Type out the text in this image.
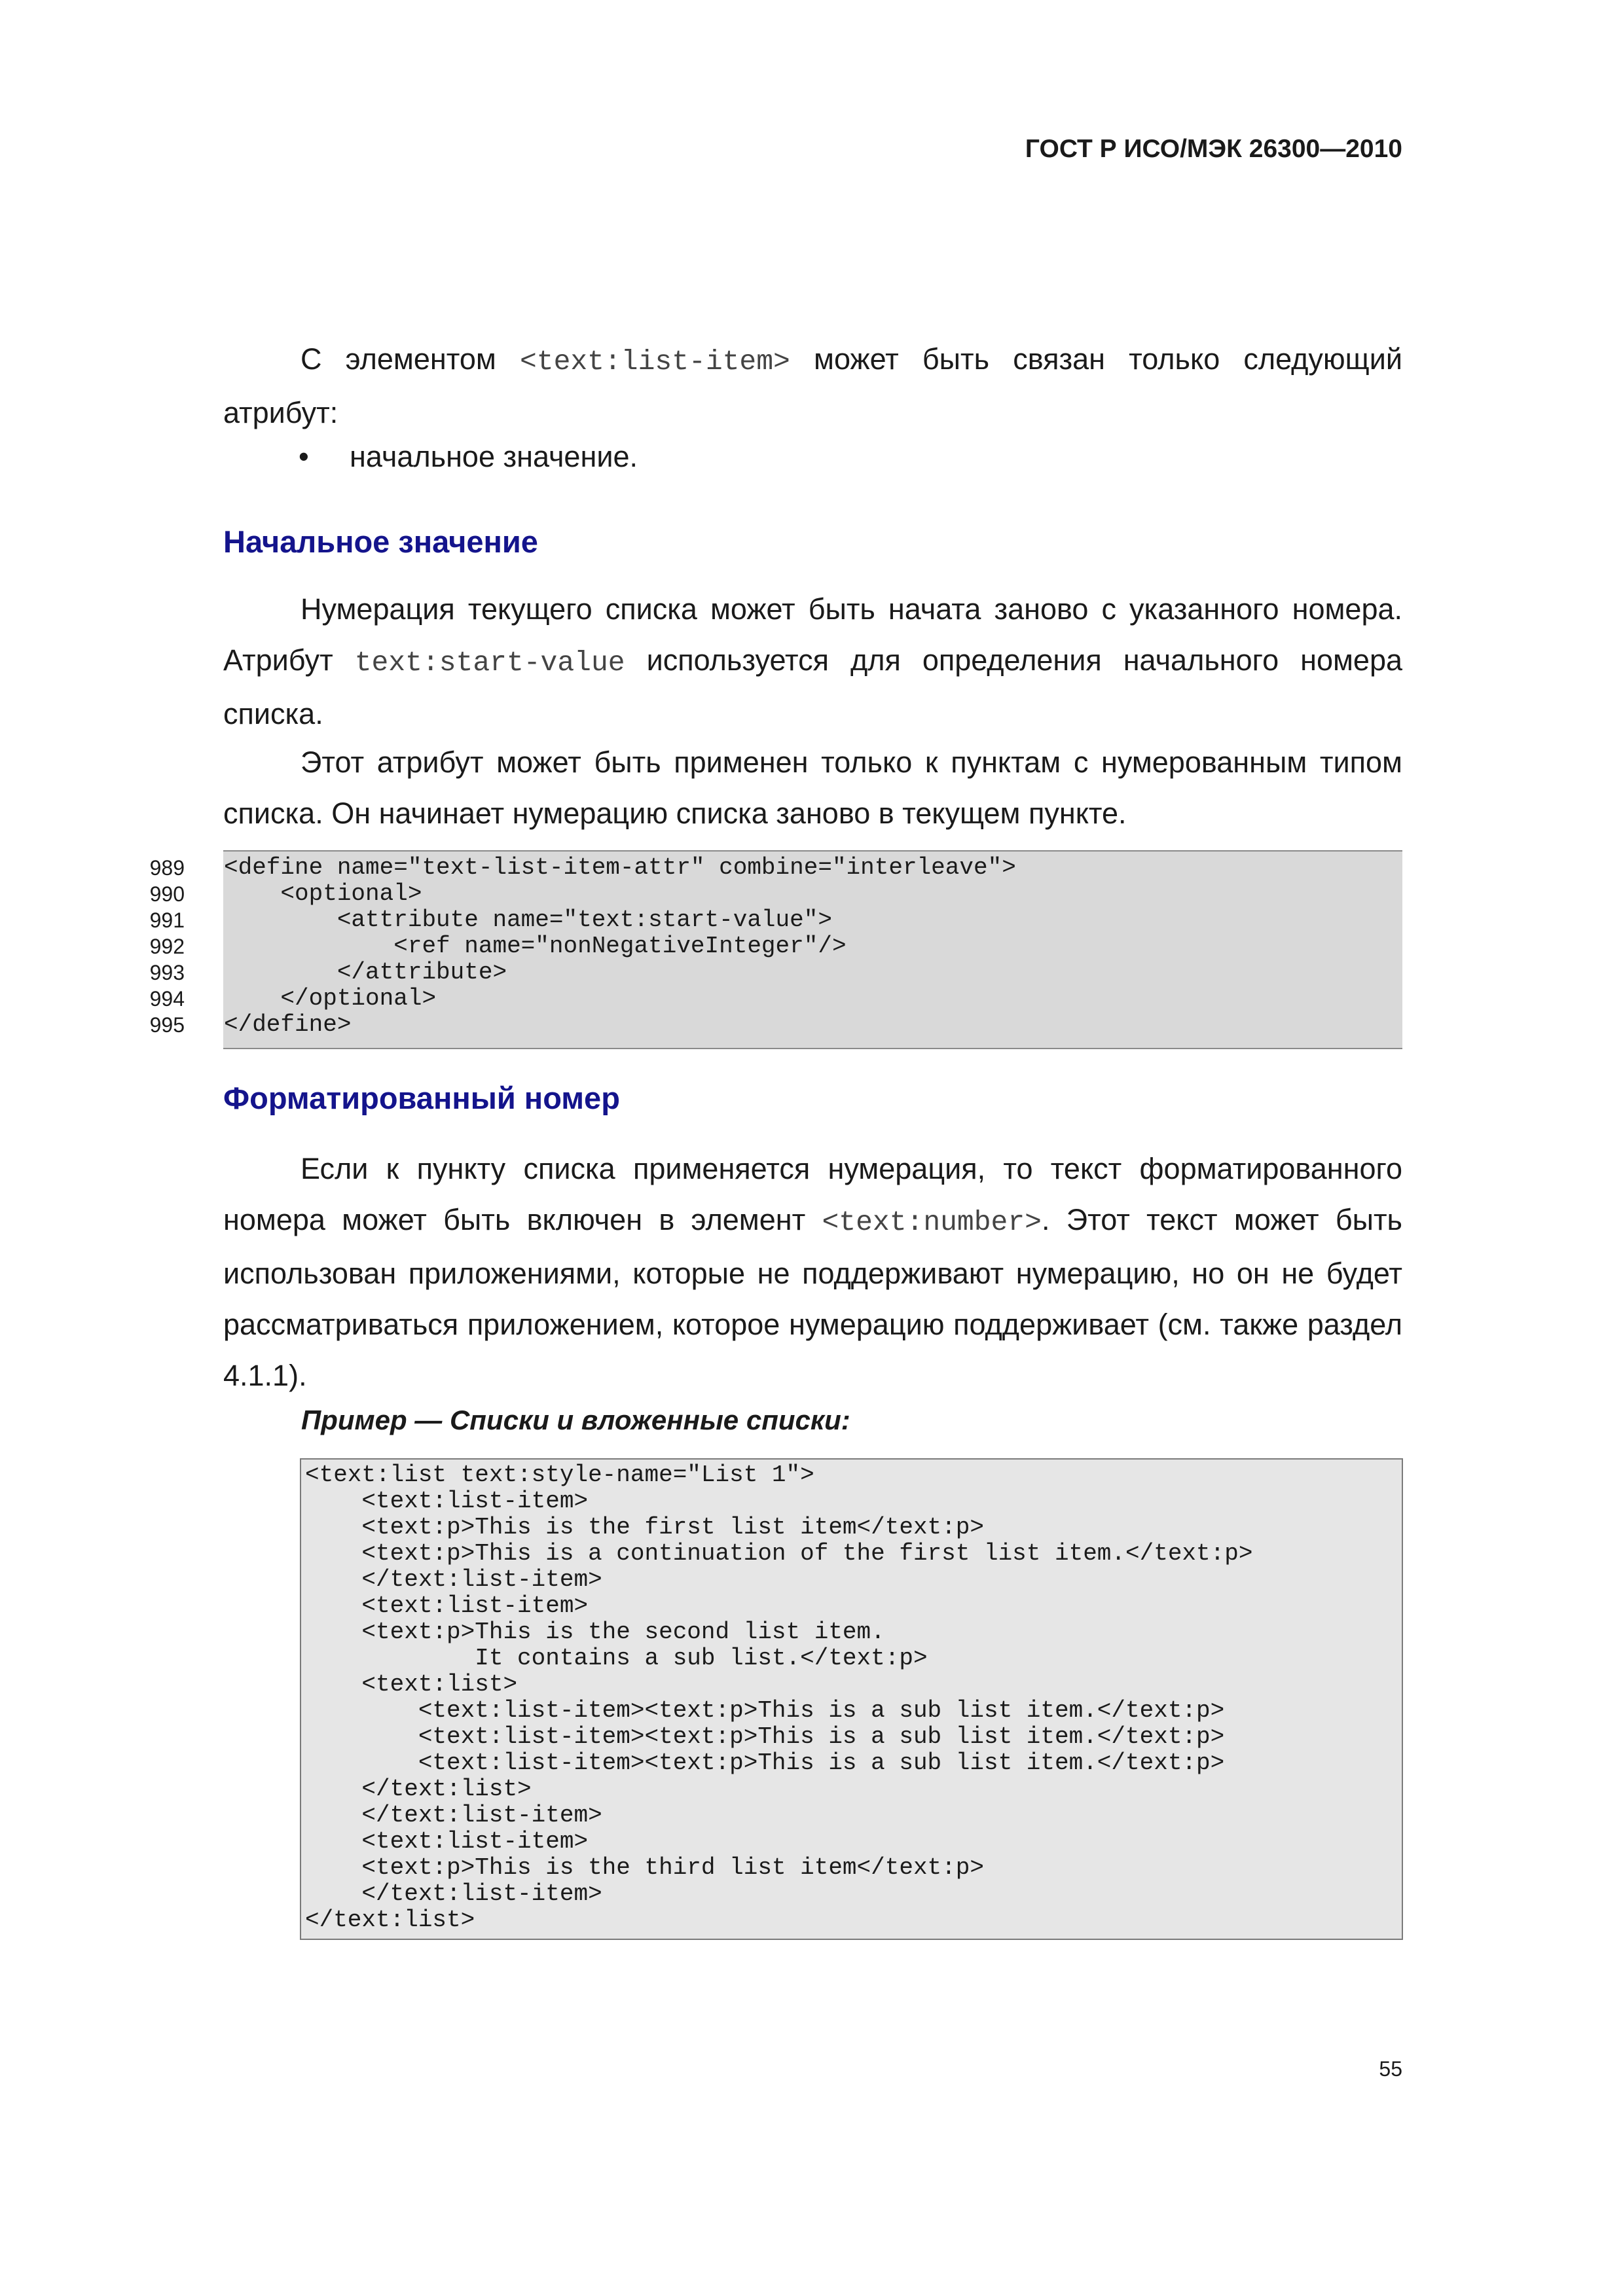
ГОСТ Р ИСО/МЭК 26300—2010

С элементом <text:list-item> может быть связан только следующий атрибут:

• начальное значение.
Начальное значение

Нумерация текущего списка может быть начата заново с указанного номера. Атрибут text:start-value используется для определения начального номера списка.

Этот атрибут может быть применен только к пунктам с нумерованным типом списка. Он начинает нумерацию списка заново в текущем пункте.

989
990
991
992
993
994
995
<define name="text-list-item-attr" combine="interleave">
<optional>
<attribute name="text:start-value">
<ref name="nonNegativeInteger"/>
</attribute>
</optional>
</define>
Форматированный номер

Если к пункту списка применяется нумерация, то текст форматированного номера может быть включен в элемент <text:number>. Этот текст может быть использован приложениями, которые не поддерживают нумерацию, но он не будет рассматриваться приложением, которое нумерацию поддерживает (см. также раздел 4.1.1).

Пример — Списки и вложенные списки:
<text:list text:style-name="List 1">
<text:list-item>
<text:p>This is the first list item</text:p>
<text:p>This is a continuation of the first list item.</text:p>
</text:list-item>
<text:list-item>
<text:p>This is the second list item.
It contains a sub list.</text:p>
<text:list>
<text:list-item><text:p>This is a sub list item.</text:p>
<text:list-item><text:p>This is a sub list item.</text:p>
<text:list-item><text:p>This is a sub list item.</text:p>
</text:list>
</text:list-item>
<text:list-item>
<text:p>This is the third list item</text:p>
</text:list-item>
</text:list>
55
